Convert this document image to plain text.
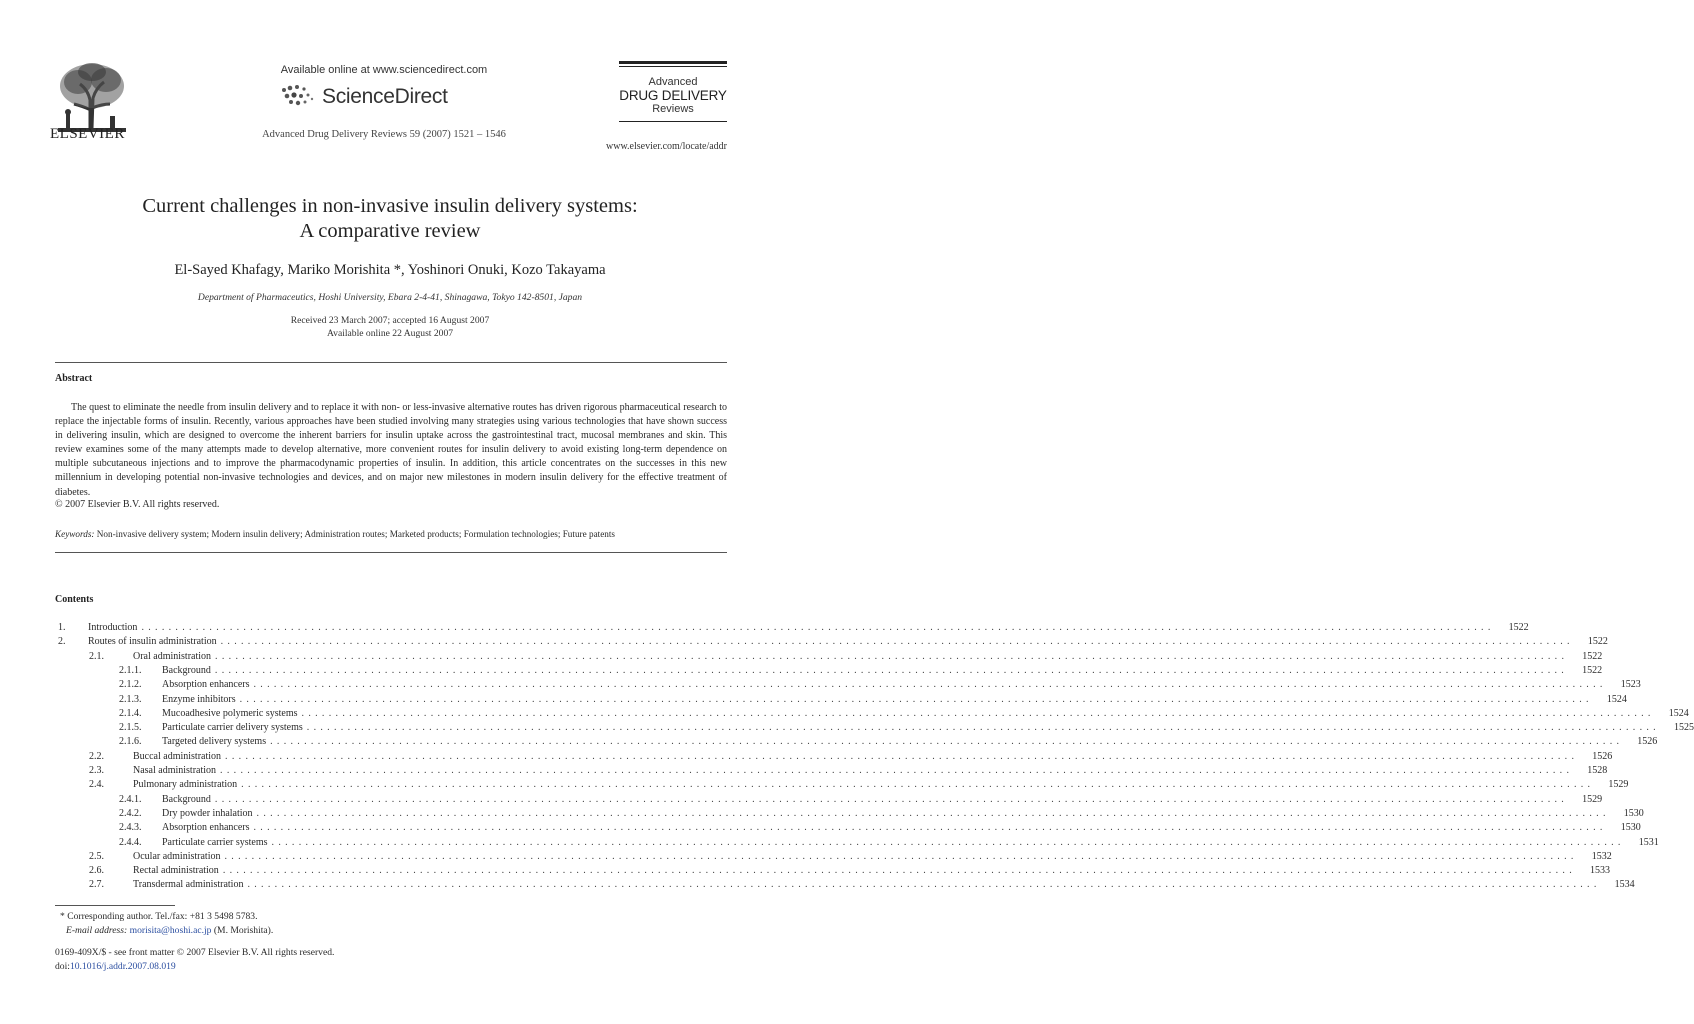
ELSEVIER
Available online at www.sciencedirect.com
ScienceDirect
Advanced Drug Delivery Reviews 59 (2007) 1521 – 1546
Advanced
DRUG DELIVERY
Reviews
www.elsevier.com/locate/addr
Current challenges in non-invasive insulin delivery systems:
A comparative review
El-Sayed Khafagy, Mariko Morishita *, Yoshinori Onuki, Kozo Takayama
Department of Pharmaceutics, Hoshi University, Ebara 2-4-41, Shinagawa, Tokyo 142-8501, Japan
Received 23 March 2007; accepted 16 August 2007
Available online 22 August 2007
Abstract

The quest to eliminate the needle from insulin delivery and to replace it with non- or less-invasive alternative routes has driven rigorous pharmaceutical research to replace the injectable forms of insulin. Recently, various approaches have been studied involving many strategies using various technologies that have shown success in delivering insulin, which are designed to overcome the inherent barriers for insulin uptake across the gastrointestinal tract, mucosal membranes and skin. This review examines some of the many attempts made to develop alternative, more convenient routes for insulin delivery to avoid existing long-term dependence on multiple subcutaneous injections and to improve the pharmacodynamic properties of insulin. In addition, this article concentrates on the successes in this new millennium in developing potential non-invasive technologies and devices, and on major new milestones in modern insulin delivery for the effective treatment of diabetes.

© 2007 Elsevier B.V. All rights reserved.
Keywords: Non-invasive delivery system; Modern insulin delivery; Administration routes; Marketed products; Formulation technologies; Future patents
Contents
1.	Introduction .......................................................................................................................................................................................................	1522
2.	Routes of insulin administration .......................................................................................................................................................................................................	1522
2.1.	Oral administration .......................................................................................................................................................................................................	1522
2.1.1.	Background .......................................................................................................................................................................................................	1522
2.1.2.	Absorption enhancers .......................................................................................................................................................................................................	1523
2.1.3.	Enzyme inhibitors .......................................................................................................................................................................................................	1524
2.1.4.	Mucoadhesive polymeric systems .......................................................................................................................................................................................................	1524
2.1.5.	Particulate carrier delivery systems .......................................................................................................................................................................................................	1525
2.1.6.	Targeted delivery systems .......................................................................................................................................................................................................	1526
2.2.	Buccal administration .......................................................................................................................................................................................................	1526
2.3.	Nasal administration .......................................................................................................................................................................................................	1528
2.4.	Pulmonary administration .......................................................................................................................................................................................................	1529
2.4.1.	Background .......................................................................................................................................................................................................	1529
2.4.2.	Dry powder inhalation .......................................................................................................................................................................................................	1530
2.4.3.	Absorption enhancers .......................................................................................................................................................................................................	1530
2.4.4.	Particulate carrier systems .......................................................................................................................................................................................................	1531
2.5.	Ocular administration .......................................................................................................................................................................................................	1532
2.6.	Rectal administration .......................................................................................................................................................................................................	1533
2.7.	Transdermal administration .......................................................................................................................................................................................................	1534
* Corresponding author. Tel./fax: +81 3 5498 5783.
E-mail address: morisita@hoshi.ac.jp (M. Morishita).
0169-409X/$ - see front matter © 2007 Elsevier B.V. All rights reserved.
doi:10.1016/j.addr.2007.08.019
